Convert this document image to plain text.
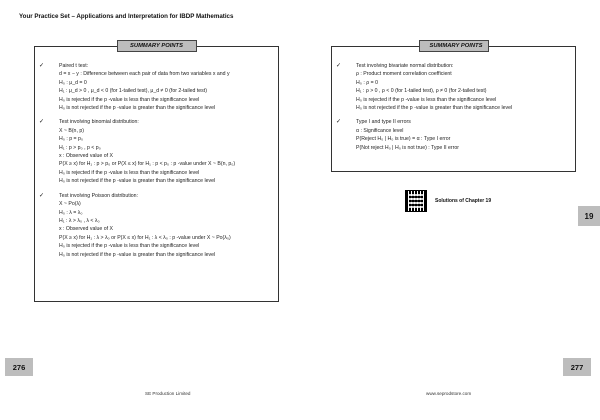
Your Practice Set – Applications and Interpretation for IBDP Mathematics
SUMMARY POINTS
✓	Paired t test:
d = x − y : Difference between each pair of data from two variables x and y
H₀ : μ_d = 0
H₁ : μ_d > 0 , μ_d < 0 (for 1-tailed test), μ_d ≠ 0 (for 2-tailed test)
H₀ is rejected if the p -value is less than the significance level
H₀ is not rejected if the p -value is greater than the significance level
✓	Test involving binomial distribution:
X ~ B(n, p)
H₀ : p = p₀
H₁ : p > p₀ , p < p₀
x : Observed value of X
P(X ≥ x) for H₁ : p > p₀ or P(X ≤ x) for H₁ : p < p₀ : p -value under X ~ B(n, p₀)
H₀ is rejected if the p -value is less than the significance level
H₀ is not rejected if the p -value is greater than the significance level
✓	Test involving Poisson distribution:
X ~ Po(λ)
H₀ : λ = λ₀
H₁ : λ > λ₀ , λ < λ₀
x : Observed value of X
P(X ≥ x) for H₁ : λ > λ₀ or P(X ≤ x) for H₁ : λ < λ₀ : p -value under X ~ Po(λ₀)
H₀ is rejected if the p -value is less than the significance level
H₀ is not rejected if the p -value is greater than the significance level
SUMMARY POINTS
✓	Test involving bivariate normal distribution:
ρ : Product moment correlation coefficient
H₀ : ρ = 0
H₁ : ρ > 0 , ρ < 0 (for 1-tailed test), ρ ≠ 0 (for 2-tailed test)
H₀ is rejected if the p -value is less than the significance level
H₀ is not rejected if the p -value is greater than the significance level
✓	Type I and type II errors
α : Significance level
P(Reject H₀ | H₀ is true) = α : Type I error
P(Not reject H₀ | H₀ is not true) : Type II error
Solutions of Chapter 19
19
276	277
SE Production Limited	www.seprodstore.com
